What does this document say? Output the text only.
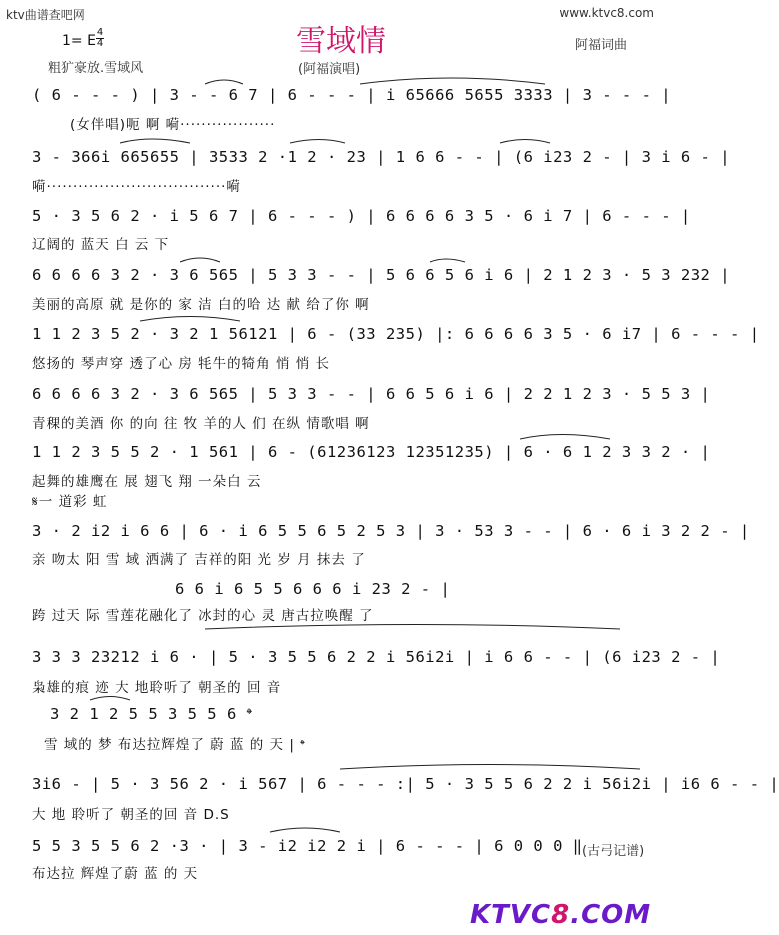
ktv曲谱查吧网	www.ktvc8.com
雪域情
1= E
4
4	阿福词曲
粗犷豪放.雪域风	(阿福演唱)
( 6 - - - ) | 3 - - 6 7 | 6 - - - | i 65666 5655 3333 | 3 - - - |
(女伴唱)呃 啊 嗬··················
3 - 366i 665655 | 3533 2 ·1 2 · 23 | 1 6 6 - - | (6 i23 2 - | 3 i 6 - |
嗬··································嗬
5 · 3 5 6 2 · i 5 6 7 | 6 - - - ) | 6 6 6 6 3 5 · 6 i 7 | 6 - - - |
辽阔的 蓝天 白 云 下
6 6 6 6 3 2 · 3 6 565 | 5 3 3 - - | 5 6 6 5 6 i 6 | 2 1 2 3 · 5 3 232 |
美丽的高原 就 是你的 家 洁 白的哈 达 献 给了你 啊
1 1 2 3 5 2 · 3 2 1 56121 | 6 - (33 235) |: 6 6 6 6 3 5 · 6 i7 | 6 - - - |
悠扬的 琴声穿 透了心 房 牦牛的犄角 悄 悄 长
6 6 6 6 3 2 · 3 6 565 | 5 3 3 - - | 6 6 5 6 i 6 | 2 2 1 2 3 · 5 5 3 |
青稞的美酒 你 的向 往 牧 羊的人 们 在纵 情歌唱 啊
1 1 2 3 5 5 2 · 1 561 | 6 - (61236123 12351235) | 6 · 6 1 2 3 3 2 · |
起舞的雄鹰在 展 翅飞 翔 一朵白 云
𝄋一 道彩 虹
3 · 2 i2 i 6 6 | 6 · i 6 5 5 6 5 2 5 3 | 3 · 53 3 - - | 6 · 6 i 3 2 2 - |
亲 吻太 阳 雪 域 洒满了 吉祥的阳 光 岁 月 抹去 了
6 6 i 6 5 5 6 6 6 i 23 2 - |
跨 过天 际 雪莲花融化了 冰封的心 灵 唐古拉唤醒 了
3 3 3 23212 i 6 · | 5 · 3 5 5 6 2 2 i 56i2i | i 6 6 - - | (6 i23 2 - |
枭雄的痕 迹 大 地聆听了 朝圣的 回 音
3 2 1 2 5 5 3 5 5 6 𝄌
雪 域的 梦 布达拉辉煌了 蔚 蓝 的 天 | 𝄌
3i6 - | 5 · 3 56 2 · i 567 | 6 - - - :| 5 · 3 5 5 6 2 2 i 56i2i | i6 6 - - |
大 地 聆听了 朝圣的回 音 D.S
5 5 3 5 5 6 2 ·3 · | 3 - i2 i2 2 i | 6 - - - | 6 0 0 0 ‖
布达拉 辉煌了蔚 蓝 的 天
(古弓记谱)
KTVC8.COM
